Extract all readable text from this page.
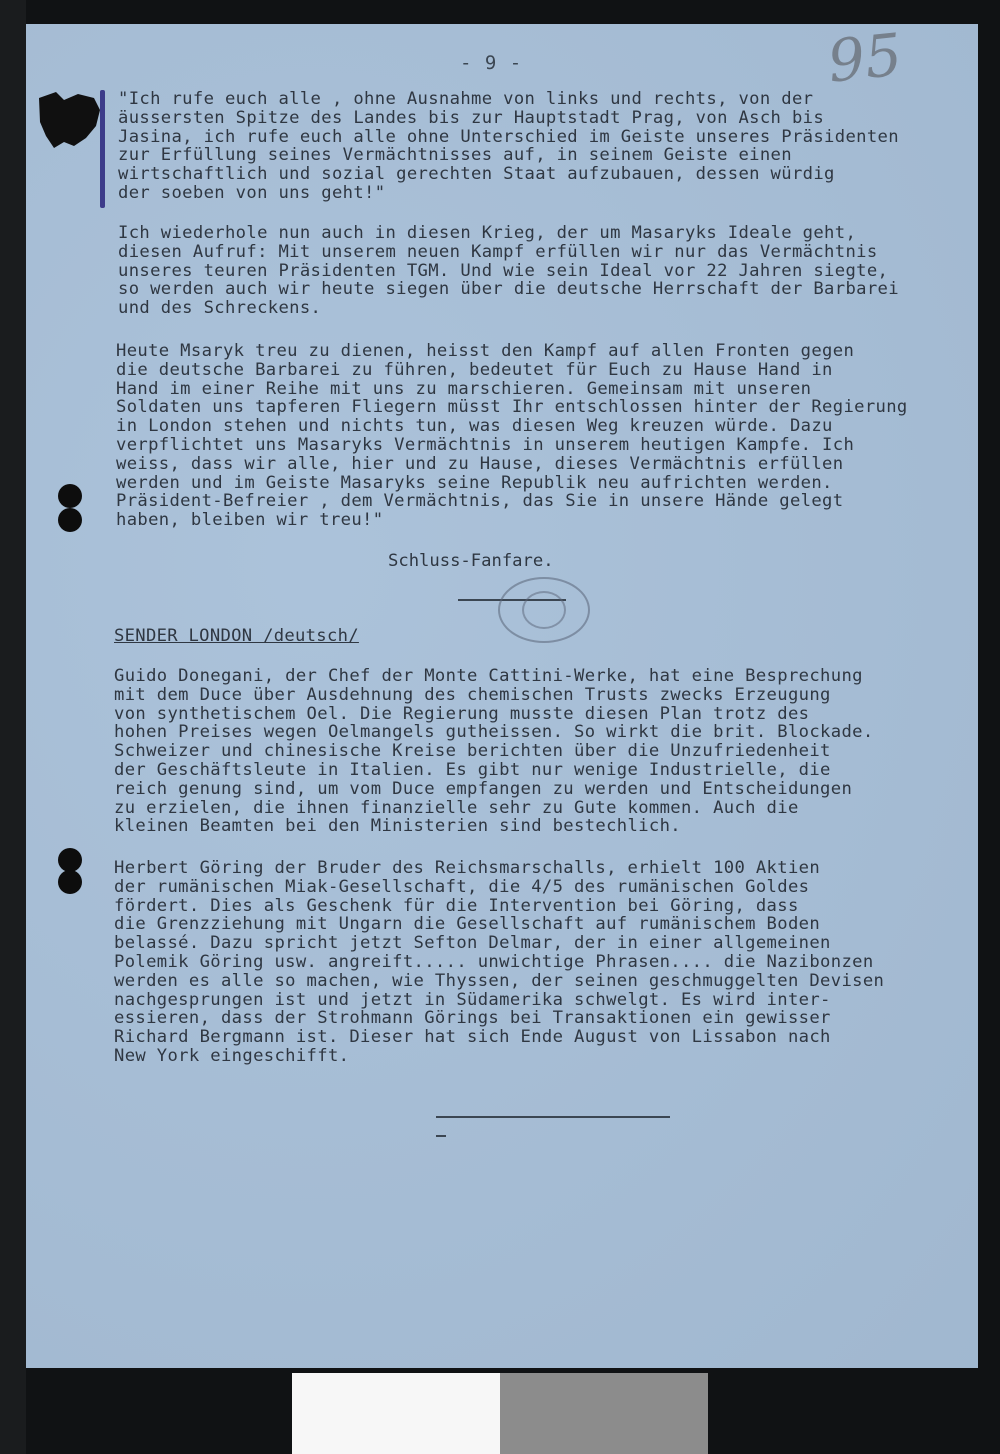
- 9 -	95
"Ich rufe euch alle , ohne Ausnahme von links und rechts, von der
äussersten Spitze des Landes bis zur Hauptstadt Prag, von Asch bis
Jasina, ich rufe euch alle ohne Unterschied im Geiste unseres Präsidenten
zur Erfüllung seines Vermächtnisses auf, in seinem Geiste einen
wirtschaftlich und sozial gerechten Staat aufzubauen, dessen würdig
der soeben von uns geht!"
Ich wiederhole nun auch in diesen Krieg, der um Masaryks Ideale geht,
diesen Aufruf: Mit unserem neuen Kampf erfüllen wir nur das Vermächtnis
unseres teuren Präsidenten TGM. Und wie sein Ideal vor 22 Jahren siegte,
so werden auch wir heute siegen über die deutsche Herrschaft der Barbarei
und des Schreckens.
Heute Msaryk treu zu dienen, heisst den Kampf auf allen Fronten gegen
die deutsche Barbarei zu führen, bedeutet für Euch zu Hause Hand in
Hand im einer Reihe mit uns zu marschieren. Gemeinsam mit unseren
Soldaten uns tapferen Fliegern müsst Ihr entschlossen hinter der Regierung
in London stehen und nichts tun, was diesen Weg kreuzen würde. Dazu
verpflichtet uns Masaryks Vermächtnis in unserem heutigen Kampfe. Ich
weiss, dass wir alle, hier und zu Hause, dieses Vermächtnis erfüllen
werden und im Geiste Masaryks seine Republik neu aufrichten werden.
Präsident-Befreier , dem Vermächtnis, das Sie in unsere Hände gelegt
haben, bleiben wir treu!"
Schluss-Fanfare.
SENDER LONDON /deutsch/
Guido Donegani, der Chef der Monte Cattini-Werke, hat eine Besprechung
mit dem Duce über Ausdehnung des chemischen Trusts zwecks Erzeugung
von synthetischem Oel. Die Regierung musste diesen Plan trotz des
hohen Preises wegen Oelmangels gutheissen. So wirkt die brit. Blockade.
Schweizer und chinesische Kreise berichten über die Unzufriedenheit
der Geschäftsleute in Italien. Es gibt nur wenige Industrielle, die
reich genung sind, um vom Duce empfangen zu werden und Entscheidungen
zu erzielen, die ihnen finanzielle sehr zu Gute kommen. Auch die
kleinen Beamten bei den Ministerien sind bestechlich.
Herbert Göring der Bruder des Reichsmarschalls, erhielt 100 Aktien
der rumänischen Miak-Gesellschaft, die 4/5 des rumänischen Goldes
fördert. Dies als Geschenk für die Intervention bei Göring, dass
die Grenzziehung mit Ungarn die Gesellschaft auf rumänischem Boden
belassé. Dazu spricht jetzt Sefton Delmar, der in einer allgemeinen
Polemik Göring usw. angreift..... unwichtige Phrasen.... die Nazibonzen
werden es alle so machen, wie Thyssen, der seinen geschmuggelten Devisen
nachgesprungen ist und jetzt in Südamerika schwelgt. Es wird inter-
essieren, dass der Strohmann Görings bei Transaktionen ein gewisser
Richard Bergmann ist. Dieser hat sich Ende August von Lissabon nach
New York eingeschifft.
